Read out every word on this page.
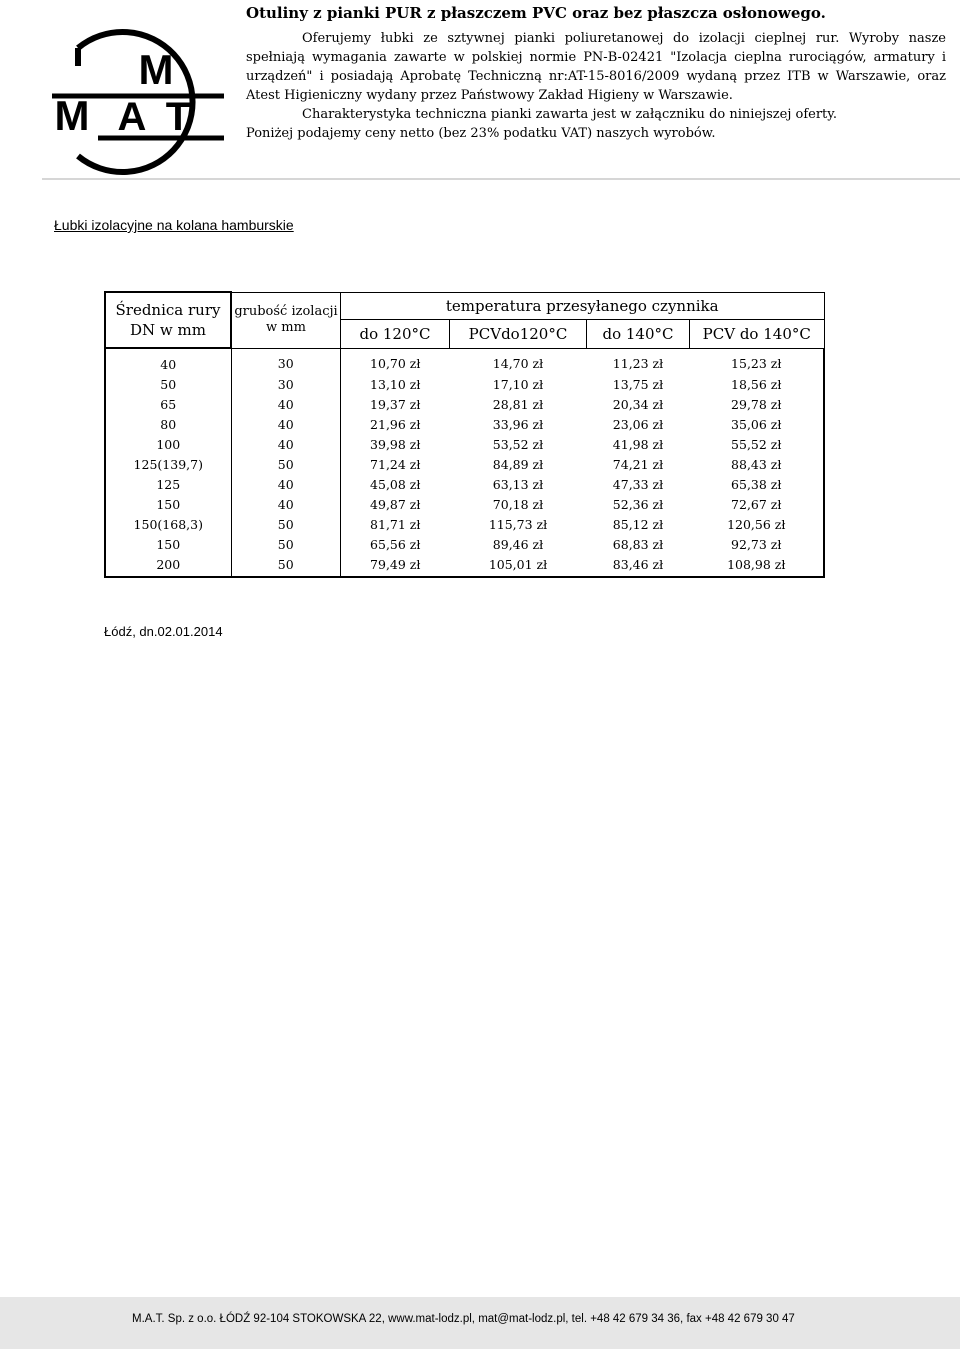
M
M A T

Otuliny z pianki PUR z płaszczem PVC oraz bez płaszcza osłonowego.

Oferujemy łubki ze sztywnej pianki poliuretanowej do izolacji cieplnej rur. Wyroby nasze spełniają wymagania zawarte w polskiej normie PN-B-02421 "Izolacja cieplna rurociągów, armatury i urządzeń" i posiadają Aprobatę Techniczną nr:AT-15-8016/2009 wydaną przez ITB w Warszawie, oraz Atest Higieniczny wydany przez Państwowy Zakład Higieny w Warszawie.

Charakterystyka techniczna pianki zawarta jest w załączniku do niniejszej oferty.

Poniżej podajemy ceny netto (bez 23% podatku VAT) naszych wyrobów.

Łubki izolacyjne na kolana hamburskie
Średnica rury DN w mm	grubość izolacji w mm	temperatura przesyłanego czynnika			
		do 120°C	PCVdo120°C	do 140°C	PCV do 140°C
40	30	10,70 zł	14,70 zł	11,23 zł	15,23 zł
50	30	13,10 zł	17,10 zł	13,75 zł	18,56 zł
65	40	19,37 zł	28,81 zł	20,34 zł	29,78 zł
80	40	21,96 zł	33,96 zł	23,06 zł	35,06 zł
100	40	39,98 zł	53,52 zł	41,98 zł	55,52 zł
125(139,7)	50	71,24 zł	84,89 zł	74,21 zł	88,43 zł
125	40	45,08 zł	63,13 zł	47,33 zł	65,38 zł
150	40	49,87 zł	70,18 zł	52,36 zł	72,67 zł
150(168,3)	50	81,71 zł	115,73 zł	85,12 zł	120,56 zł
150	50	65,56 zł	89,46 zł	68,83 zł	92,73 zł
200	50	79,49 zł	105,01 zł	83,46 zł	108,98 zł
Łódź, dn.02.01.2014
M.A.T. Sp. z o.o. ŁÓDŹ 92-104 STOKOWSKA 22, www.mat-lodz.pl, mat@mat-lodz.pl, tel. +48 42 679 34 36, fax +48 42 679 30 47
